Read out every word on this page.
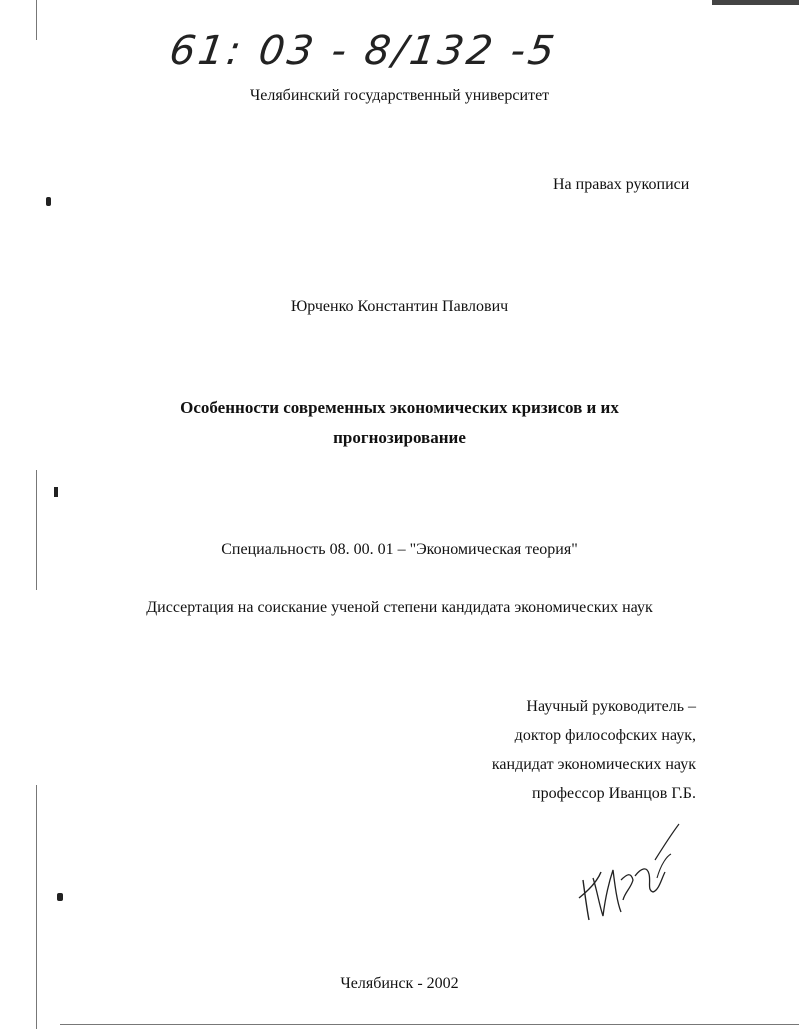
61: 03 - 8/132 -5
Челябинский государственный университет
На правах рукописи
Юрченко Константин Павлович
Особенности современных экономических кризисов и их
прогнозирование
Специальность 08. 00. 01 – "Экономическая теория"
Диссертация на соискание ученой степени кандидата экономических наук
Научный руководитель –
доктор философских наук,
кандидат экономических наук
профессор Иванцов Г.Б.
Челябинск - 2002
